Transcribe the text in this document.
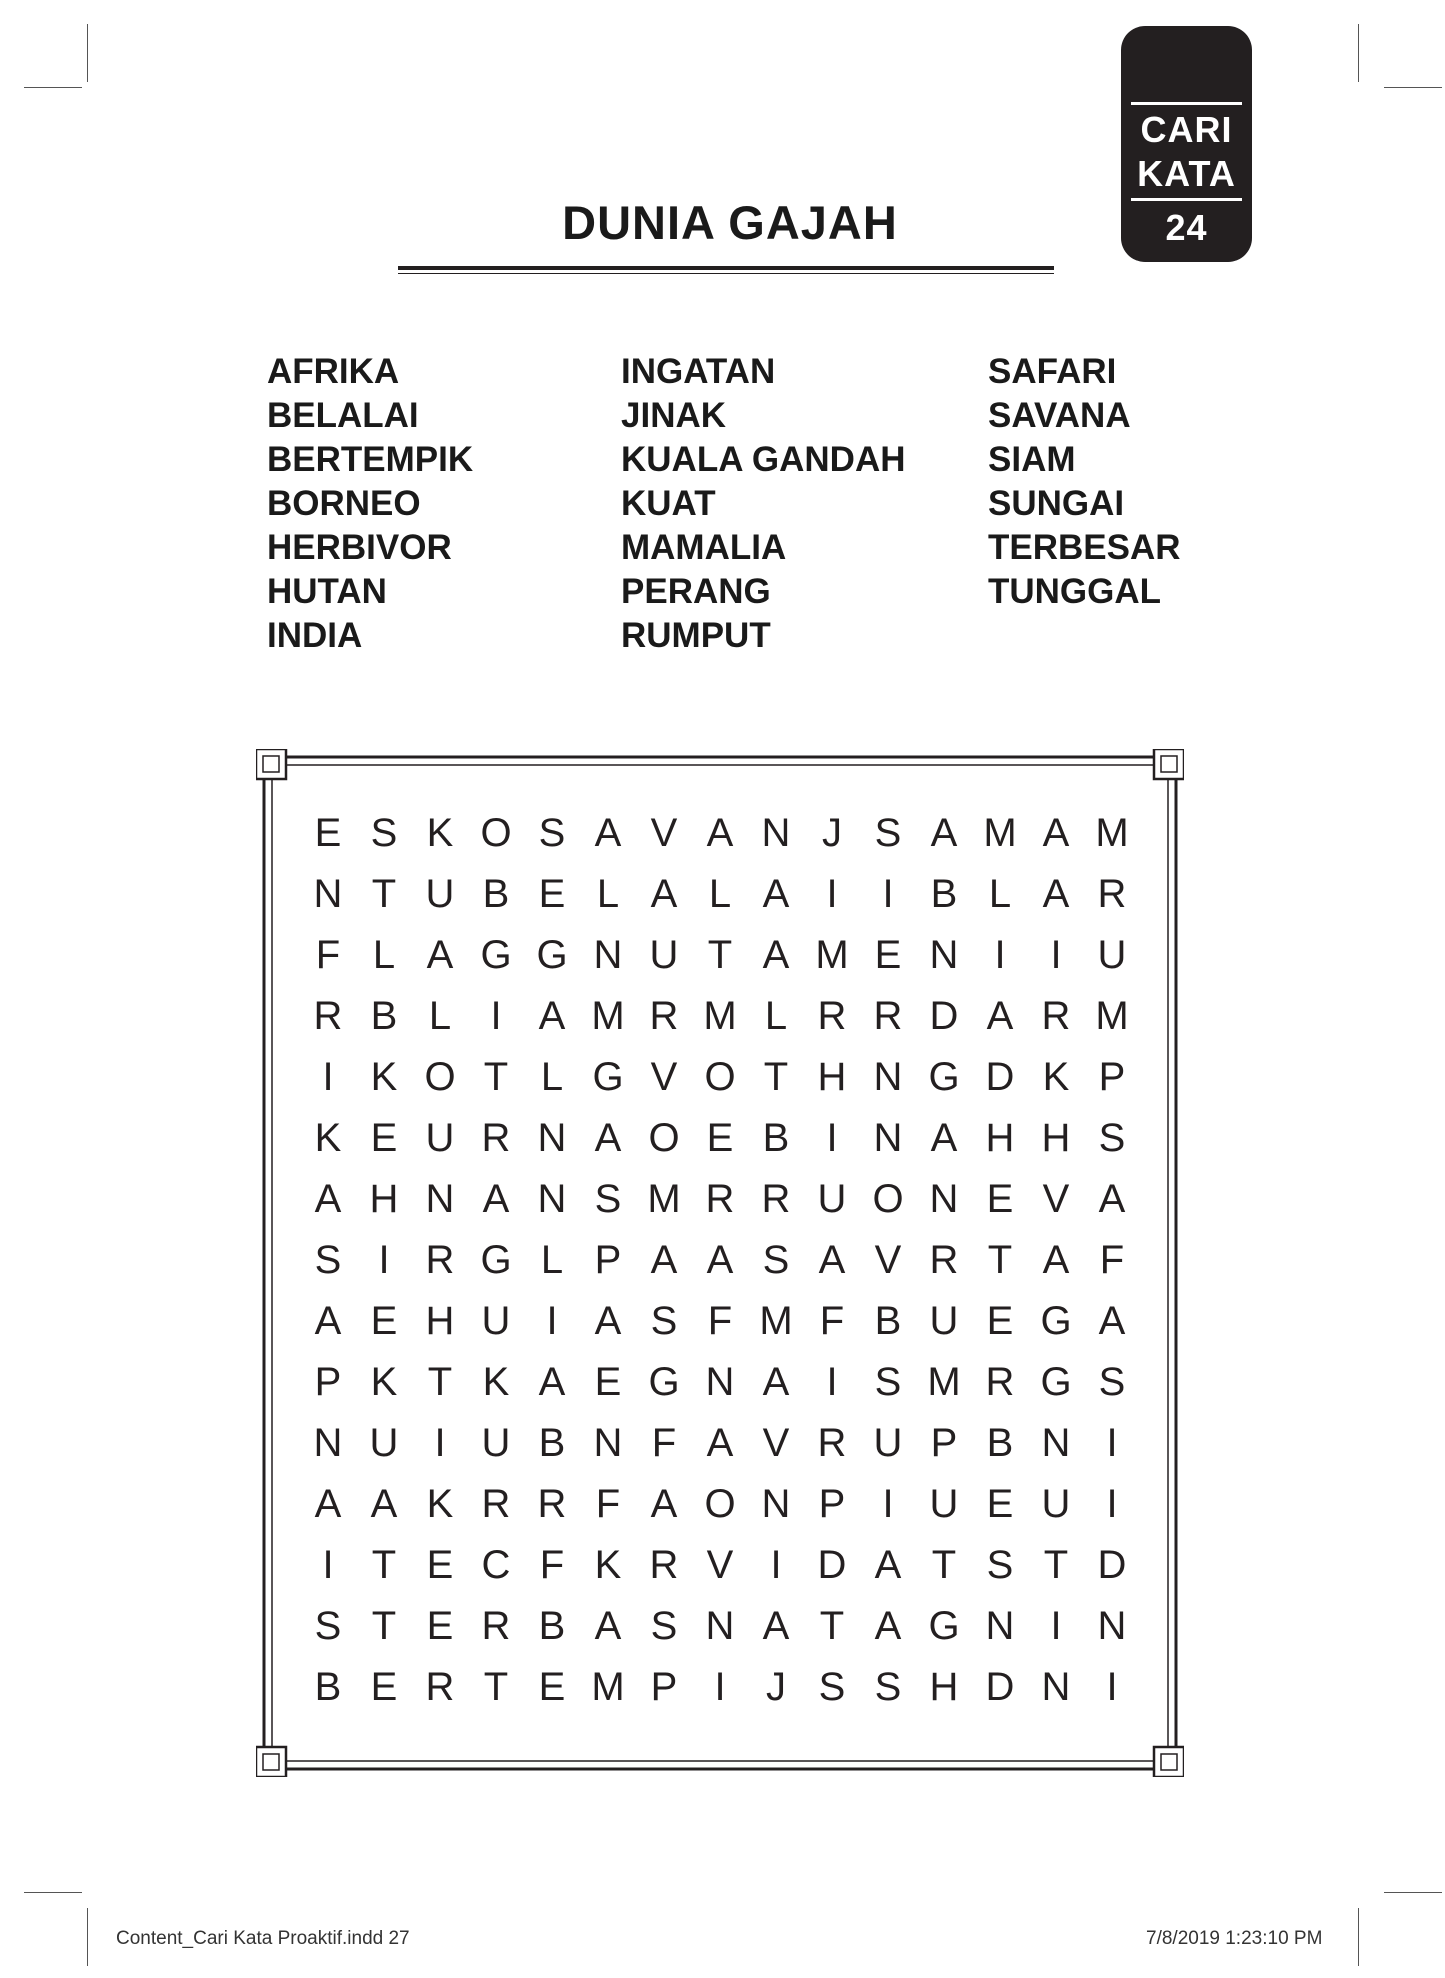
CARI
KATA
24
DUNIA GAJAH
AFRIKA
BELALAI
BERTEMPIK
BORNEO
HERBIVOR
HUTAN
INDIA
INGATAN
JINAK
KUALA GANDAH
KUAT
MAMALIA
PERANG
RUMPUT
SAFARI
SAVANA
SIAM
SUNGAI
TERBESAR
TUNGGAL
E S K O S A V A N J S A M A M
N T U B E L A L A I I B L A R
F L A G G N U T A M E N I I U
R B L I A M R M L R R D A R M
I K O T L G V O T H N G D K P
K E U R N A O E B I N A H H S
A H N A N S M R R U O N E V A
S I R G L P A A S A V R T A F
A E H U I A S F M F B U E G A
P K T K A E G N A I S M R G S
N U I U B N F A V R U P B N I
A A K R R F A O N P I U E U I
I T E C F K R V I D A T S T D
S T E R B A S N A T A G N I N
B E R T E M P I J S S H D N I
Content_Cari Kata Proaktif.indd 27	7/8/2019 1:23:10 PM
